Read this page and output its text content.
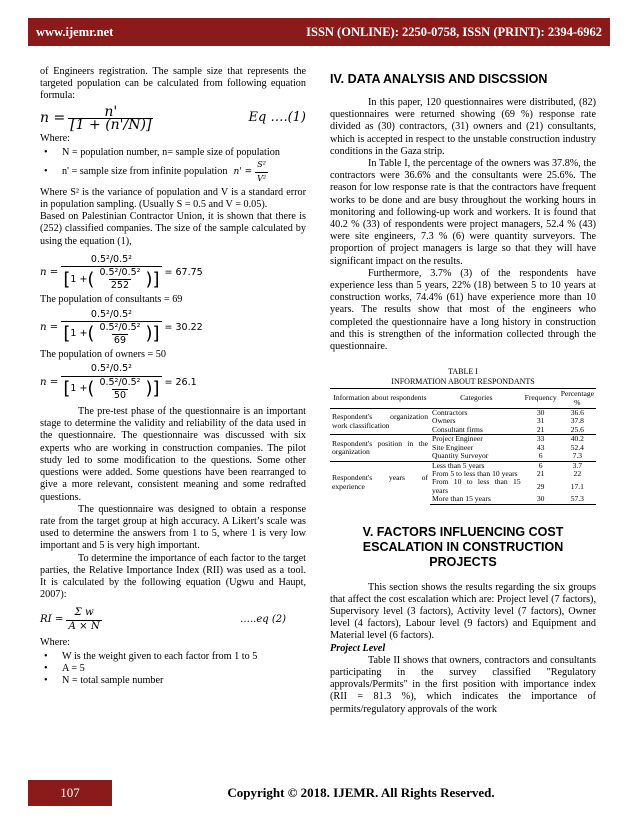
www.ijemr.net	ISSN (ONLINE): 2250-0758, ISSN (PRINT): 2394-6962

of Engineers registration. The sample size that represents the targeted population can be calculated from following equation formula:

$n = \frac{n'}{[1 + (n'/N)]}$	Eq ….(1)

Where:

• N = population number, n= sample size of population
• n' = sample size from infinite population $n' = \frac{\text{S²}}{\text{V²}}$

Where S² is the variance of population and V is a standard error in population sampling. (Usually S = 0.5 and V = 0.05).

Based on Palestinian Contractor Union, it is shown that there is (252) classified companies. The size of the sample calculated by using the equation (1),

$n = \frac{\text{0.5²/0.5²}}{[ 1 + ( \frac{\text{0.5²/0.5²}}{252} )]} = 67.75$

The population of consultants = 69

$n = \frac{\text{0.5²/0.5²}}{[ 1 + ( \frac{\text{0.5²/0.5²}}{69} )]} = 30.22$

The population of owners = 50

$n = \frac{\text{0.5²/0.5²}}{[ 1 + ( \frac{\text{0.5²/0.5²}}{50} )]} = 26.1$

The pre-test phase of the questionnaire is an important stage to determine the validity and reliability of the data used in the questionnaire. The questionnaire was discussed with six experts who are working in construction companies. The pilot study led to some modification to the questions. Some other questions were added. Some questions have been rearranged to give a more relevant, consistent meaning and some redrafted questions.

The questionnaire was designed to obtain a response rate from the target group at high accuracy. A Likert’s scale was used to determine the answers from 1 to 5, where 1 is very low important and 5 is very high important.

To determine the importance of each factor to the target parties, the Relative Importance Index (RII) was used as a tool. It is calculated by the following equation (Ugwu and Haupt, 2007):

RI = $\frac{\text{Σ w}}{A \times N}$	…..eq (2)

Where:

• W is the weight given to each factor from 1 to 5
• A = 5
• N = total sample number
IV. DATA ANALYSIS AND DISCSSION

In this paper, 120 questionnaires were distributed, (82) questionnaires were returned showing (69 %) response rate divided as (30) contractors, (31) owners and (21) consultants, which is accepted in respect to the unstable construction industry conditions in the Gaza strip.

In Table I, the percentage of the owners was 37.8%, the contractors were 36.6% and the consultants were 25.6%. The reason for low response rate is that the contractors have frequent works to be done and are busy throughout the working hours in monitoring and following-up work and workers. It is found that 40.2 % (33) of respondents were project managers, 52.4 % (43) were site engineers, 7.3 % (6) were quantity surveyors. The proportion of project managers is large so that they will have significant impact on the results.

Furthermore, 3.7% (3) of the respondents have experience less than 5 years, 22% (18) between 5 to 10 years at construction works, 74.4% (61) have experience more than 10 years. The results show that most of the engineers who completed the questionnaire have a long history in construction and this is strengthen of the information collected through the questionnaire.

TABLE I
INFORMATION ABOUT RESPONDANTS
Information about respondents	Categories	Frequency	Percentage %
Respondent's organization work classification	Contractors	30	36.6
	Owners	31	37.8
	Consultant firms	21	25.6
Respondent's position in the organization	Project Engineer	33	40.2
	Site Engineer	43	52.4
	Quantity Surveyor	6	7.3
Respondent's years of experience	Less than 5 years	6	3.7
	From 5 to less than 10 years	21	22
	From 10 to less than 15 years	29	17.1
	More than 15 years	30	57.3
V. FACTORS INFLUENCING COST ESCALATION IN CONSTRUCTION PROJECTS

This section shows the results regarding the six groups that affect the cost escalation which are: Project level (7 factors), Supervisory level (3 factors), Activity level (7 factors), Owner level (4 factors), Labour level (9 factors) and Equipment and Material level (6 factors).

Project Level

Table II shows that owners, contractors and consultants participating in the survey classified "Regulatory approvals/Permits" in the first position with importance index (RII = 81.3 %), which indicates the importance of permits/regulatory approvals of the work

107	Copyright © 2018. IJEMR. All Rights Reserved.
